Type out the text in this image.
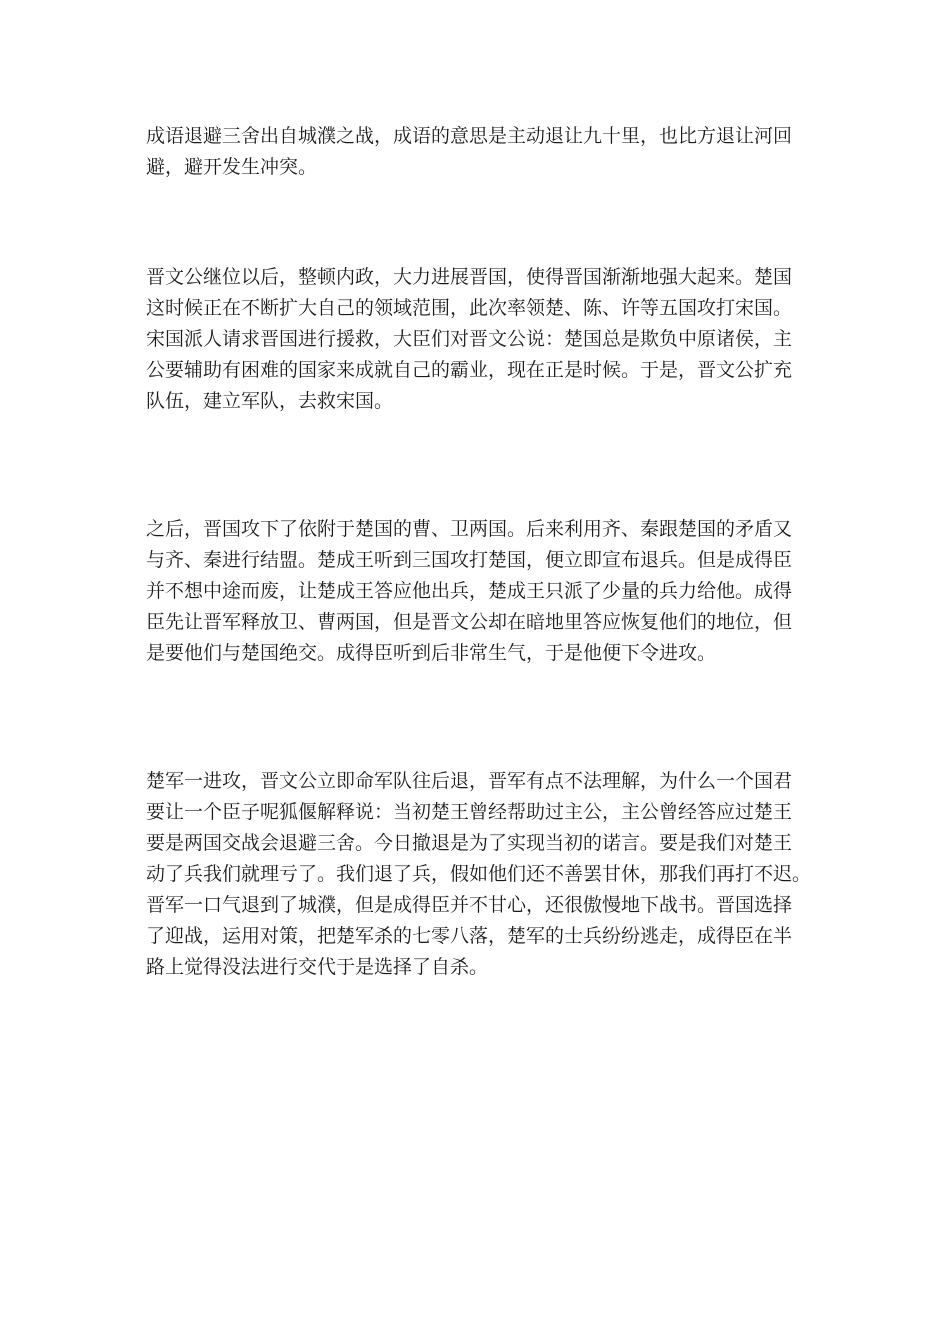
成语退避三舍出自城濮之战，成语的意思是主动退让九十里，也比方退让河回
避，避开发生冲突。

晋文公继位以后，整顿内政，大力进展晋国，使得晋国渐渐地强大起来。楚国
这时候正在不断扩大自己的领域范围，此次率领楚、陈、许等五国攻打宋国。
宋国派人请求晋国进行援救，大臣们对晋文公说：楚国总是欺负中原诸侯，主
公要辅助有困难的国家来成就自己的霸业，现在正是时候。于是，晋文公扩充
队伍，建立军队，去救宋国。

之后，晋国攻下了依附于楚国的曹、卫两国。后来利用齐、秦跟楚国的矛盾又
与齐、秦进行结盟。楚成王听到三国攻打楚国，便立即宣布退兵。但是成得臣
并不想中途而废，让楚成王答应他出兵，楚成王只派了少量的兵力给他。成得
臣先让晋军释放卫、曹两国，但是晋文公却在暗地里答应恢复他们的地位，但
是要他们与楚国绝交。成得臣听到后非常生气，于是他便下令进攻。

楚军一进攻，晋文公立即命军队往后退，晋军有点不法理解，为什么一个国君
要让一个臣子呢狐偃解释说：当初楚王曾经帮助过主公，主公曾经答应过楚王
要是两国交战会退避三舍。今日撤退是为了实现当初的诺言。要是我们对楚王
动了兵我们就理亏了。我们退了兵，假如他们还不善罢甘休，那我们再打不迟。
晋军一口气退到了城濮，但是成得臣并不甘心，还很傲慢地下战书。晋国选择
了迎战，运用对策，把楚军杀的七零八落，楚军的士兵纷纷逃走，成得臣在半
路上觉得没法进行交代于是选择了自杀。
